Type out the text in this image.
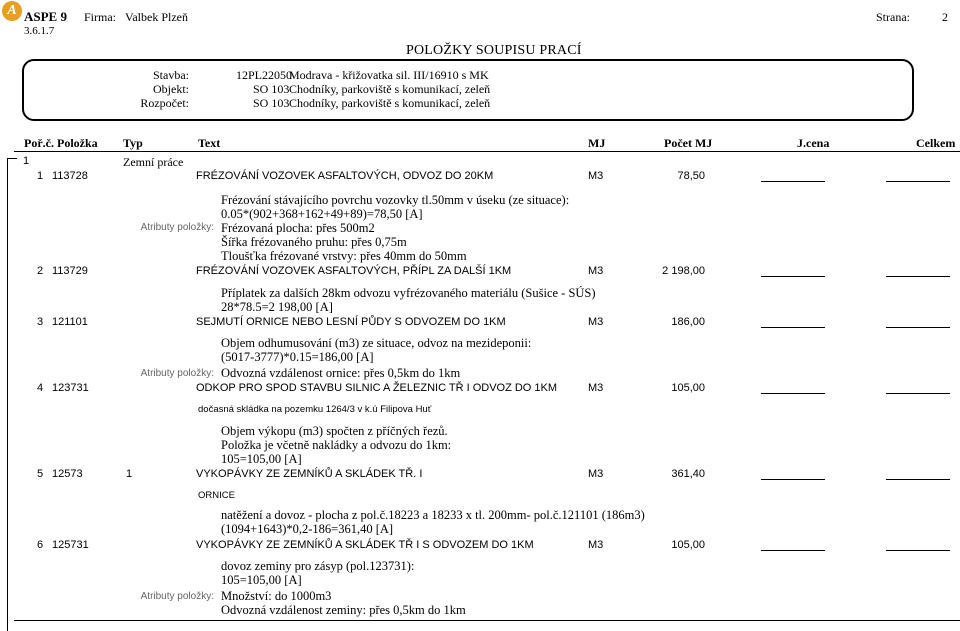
A ASPE 9
3.6.1.7
Firma: Valbek Plzeň	Strana:	2
POLOŽKY SOUPISU PRACÍ
Stavba:	12PL22050
Modrava - křižovatka sil. III/16910 s MK
Objekt:	SO 103 Chodníky, parkoviště s komunikací, zeleň
Rozpočet:	SO 103 Chodníky, parkoviště s komunikací, zeleň
Poř.č. Položka Typ	Text	MJ	Počet MJ	J.cena	Celkem
1	Zemní práce
1 113728	FRÉZOVÁNÍ VOZOVEK ASFALTOVÝCH, ODVOZ DO 20KM	M3	78,50
Frézování stávajícího povrchu vozovky tl.50mm v úseku (ze situace):
0.05*(902+368+162+49+89)=78,50 [A]
Atributy položky: Frézovaná plocha: přes 500m2
Šířka frézovaného pruhu: přes 0,75m
Tloušťka frézované vrstvy: přes 40mm do 50mm
2 113729	FRÉZOVÁNÍ VOZOVEK ASFALTOVÝCH, PŘÍPL ZA DALŠÍ 1KM	M3	2 198,00
Příplatek za dalších 28km odvozu vyfrézovaného materiálu (Sušice - SÚS)
28*78.5=2 198,00 [A]
3 121101	SEJMUTÍ ORNICE NEBO LESNÍ PŮDY S ODVOZEM DO 1KM	M3	186,00
Objem odhumusování (m3) ze situace, odvoz na mezideponii:
(5017-3777)*0.15=186,00 [A]
Atributy položky: Odvozná vzdálenost ornice: přes 0,5km do 1km
4 123731	ODKOP PRO SPOD STAVBU SILNIC A ŽELEZNIC TŘ I ODVOZ DO 1KM	M3	105,00
dočasná skládka na pozemku 1264/3 v k.ú Filipova Huť
Objem výkopu (m3) spočten z příčných řezů.
Položka je včetně nakládky a odvozu do 1km:
105=105,00 [A]
5 12573	1	VYKOPÁVKY ZE ZEMNÍKŮ A SKLÁDEK TŘ. I	M3	361,40
ORNICE
natěžení a dovoz - plocha z pol.č.18223 a 18233 x tl. 200mm- pol.č.121101 (186m3)
(1094+1643)*0,2-186=361,40 [A]
6 125731	VYKOPÁVKY ZE ZEMNÍKŮ A SKLÁDEK TŘ I S ODVOZEM DO 1KM	M3	105,00
dovoz zeminy pro zásyp (pol.123731):
105=105,00 [A]
Atributy položky: Množství: do 1000m3
Odvozná vzdálenost zeminy: přes 0,5km do 1km
